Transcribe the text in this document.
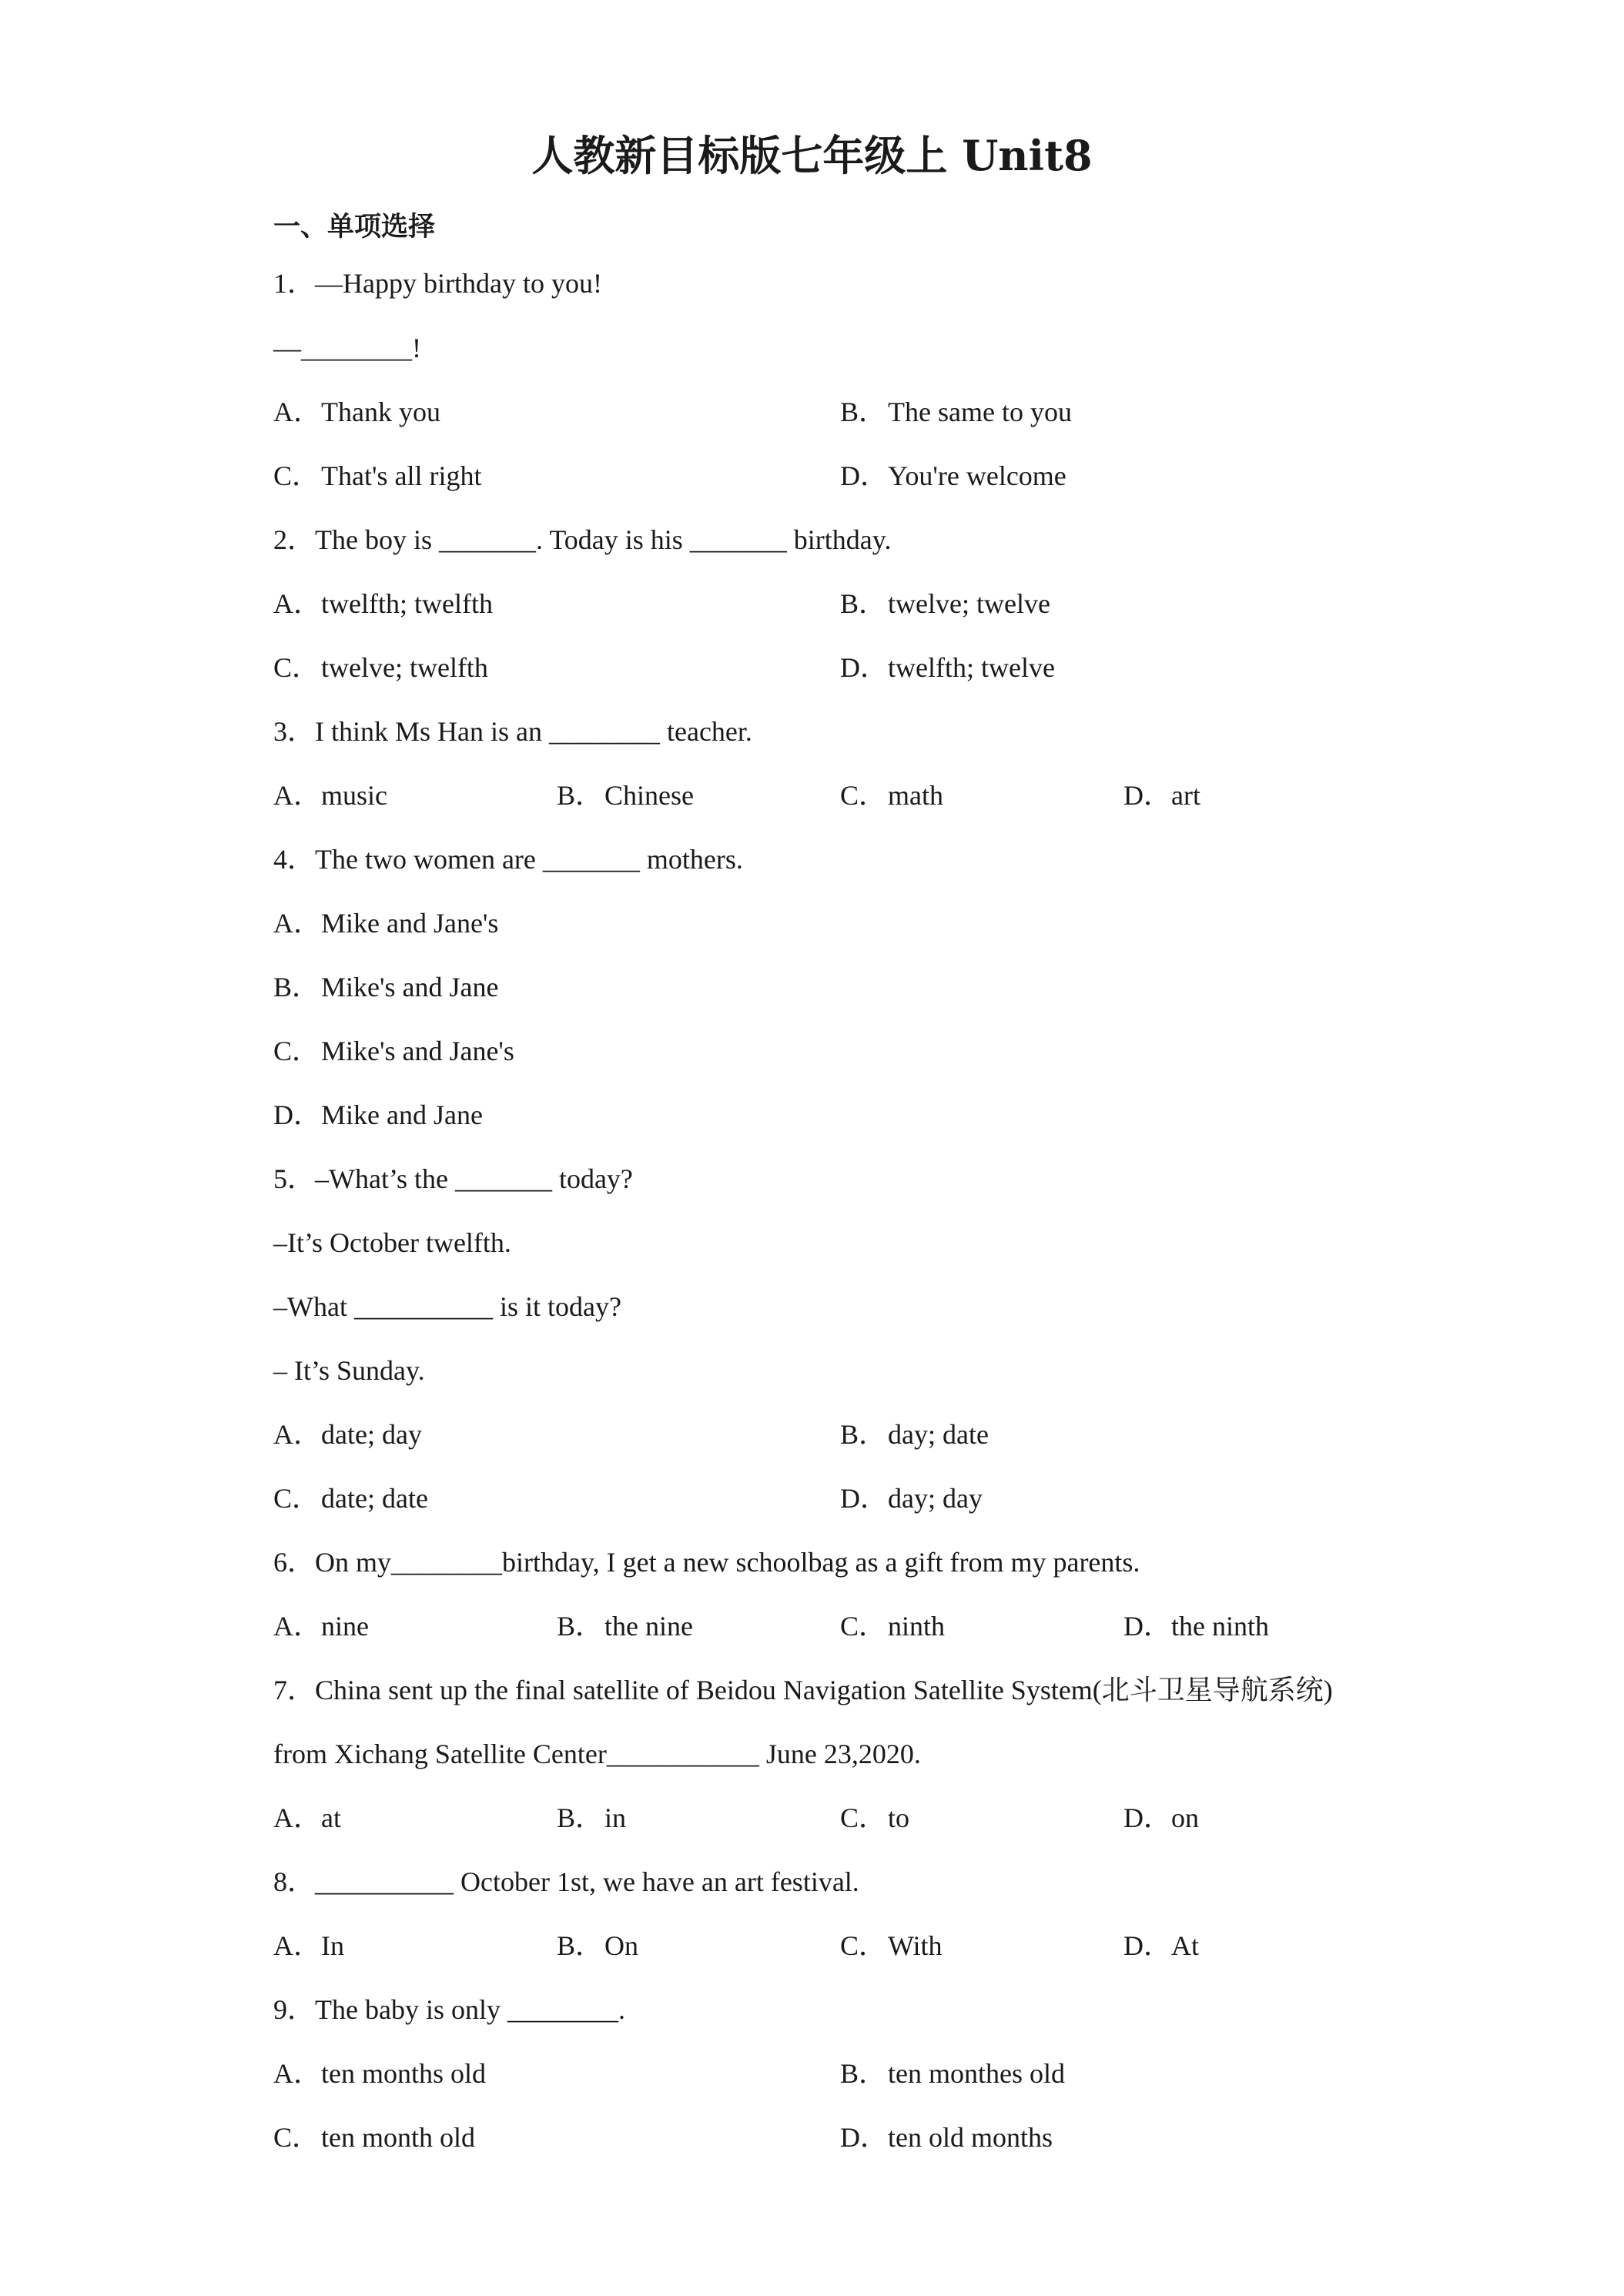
人教新目标版七年级上 Unit8
一、单项选择
1．—Happy birthday to you!
—________!
A．Thank you	B．The same to you
C．That's all right	D．You're welcome
2．The boy is _______. Today is his _______ birthday.
A．twelfth; twelfth	B．twelve; twelve
C．twelve; twelfth	D．twelfth; twelve
3．I think Ms Han is an ________ teacher.
A．music	B．Chinese	C．math	D．art
4．The two women are _______ mothers.
A．Mike and Jane's
B．Mike's and Jane
C．Mike's and Jane's
D．Mike and Jane
5．–What’s the _______ today?
–It’s October twelfth.
–What __________ is it today?
– It’s Sunday.
A．date; day	B．day; date
C．date; date	D．day; day
6．On my________birthday, I get a new schoolbag as a gift from my parents.
A．nine	B．the nine	C．ninth	D．the ninth
7．China sent up the final satellite of Beidou Navigation Satellite System(北斗卫星导航系统)
from Xichang Satellite Center___________ June 23,2020.
A．at	B．in	C．to	D．on
8．__________ October 1st, we have an art festival.
A．In	B．On	C．With	D．At
9．The baby is only ________.
A．ten months old	B．ten monthes old
C．ten month old	D．ten old months
